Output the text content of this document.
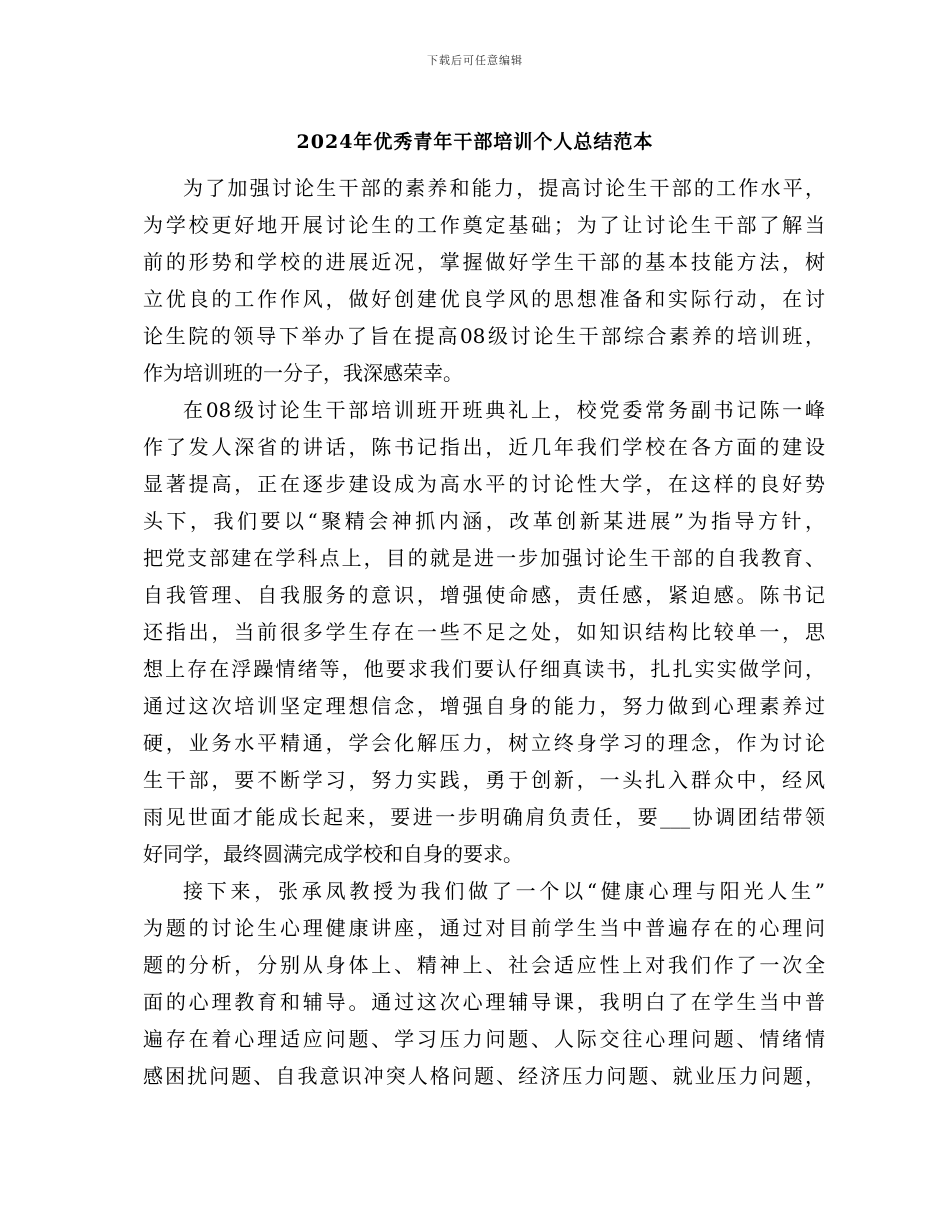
下载后可任意编辑
2024年优秀青年干部培训个人总结范本
为了加强讨论生干部的素养和能力，提高讨论生干部的工作水平，
为学校更好地开展讨论生的工作奠定基础；为了让讨论生干部了解当
前的形势和学校的进展近况，掌握做好学生干部的基本技能方法，树
立优良的工作作风，做好创建优良学风的思想准备和实际行动，在讨
论生院的领导下举办了旨在提高08级讨论生干部综合素养的培训班，
作为培训班的一分子，我深感荣幸。
在08级讨论生干部培训班开班典礼上，校党委常务副书记陈一峰
作了发人深省的讲话，陈书记指出，近几年我们学校在各方面的建设
显著提高，正在逐步建设成为高水平的讨论性大学，在这样的良好势
头下，我们要以“聚精会神抓内涵，改革创新某进展”为指导方针，
把党支部建在学科点上，目的就是进一步加强讨论生干部的自我教育、
自我管理、自我服务的意识，增强使命感，责任感，紧迫感。陈书记
还指出，当前很多学生存在一些不足之处，如知识结构比较单一，思
想上存在浮躁情绪等，他要求我们要认仔细真读书，扎扎实实做学问，
通过这次培训坚定理想信念，增强自身的能力，努力做到心理素养过
硬，业务水平精通，学会化解压力，树立终身学习的理念，作为讨论
生干部，要不断学习，努力实践，勇于创新，一头扎入群众中，经风
雨见世面才能成长起来，要进一步明确肩负责任，要___协调团结带领
好同学，最终圆满完成学校和自身的要求。
接下来，张承凤教授为我们做了一个以“健康心理与阳光人生”
为题的讨论生心理健康讲座，通过对目前学生当中普遍存在的心理问
题的分析，分别从身体上、精神上、社会适应性上对我们作了一次全
面的心理教育和辅导。通过这次心理辅导课，我明白了在学生当中普
遍存在着心理适应问题、学习压力问题、人际交往心理问题、情绪情
感困扰问题、自我意识冲突人格问题、经济压力问题、就业压力问题，
